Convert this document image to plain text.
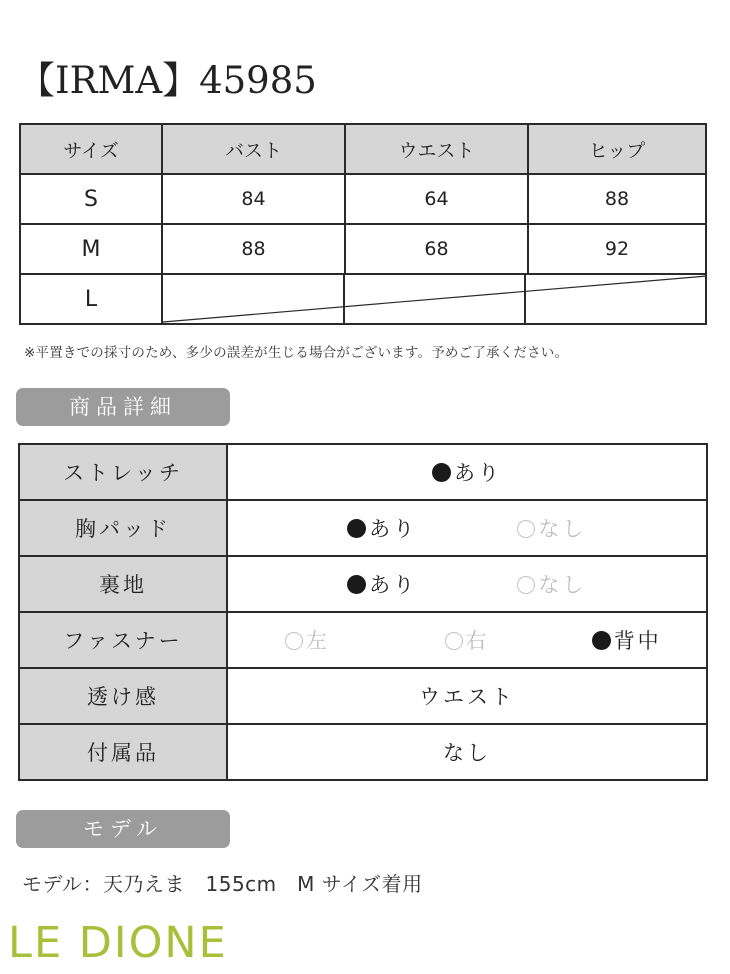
【IRMA】45985
サイズ	バスト	ウエスト	ヒップ
S	84	64	88
M	88	68	92
L	
※平置きでの採寸のため、多少の誤差が生じる場合がございます。予めご了承ください。
商品詳細
ストレッチ	あり
胸パッド	あり なし
裏地	あり なし
ファスナー	左 右 背中
透け感	ウエスト
付属品	なし
モデル
モデル：天乃えま　155cm　M サイズ着用
LE DIONE
